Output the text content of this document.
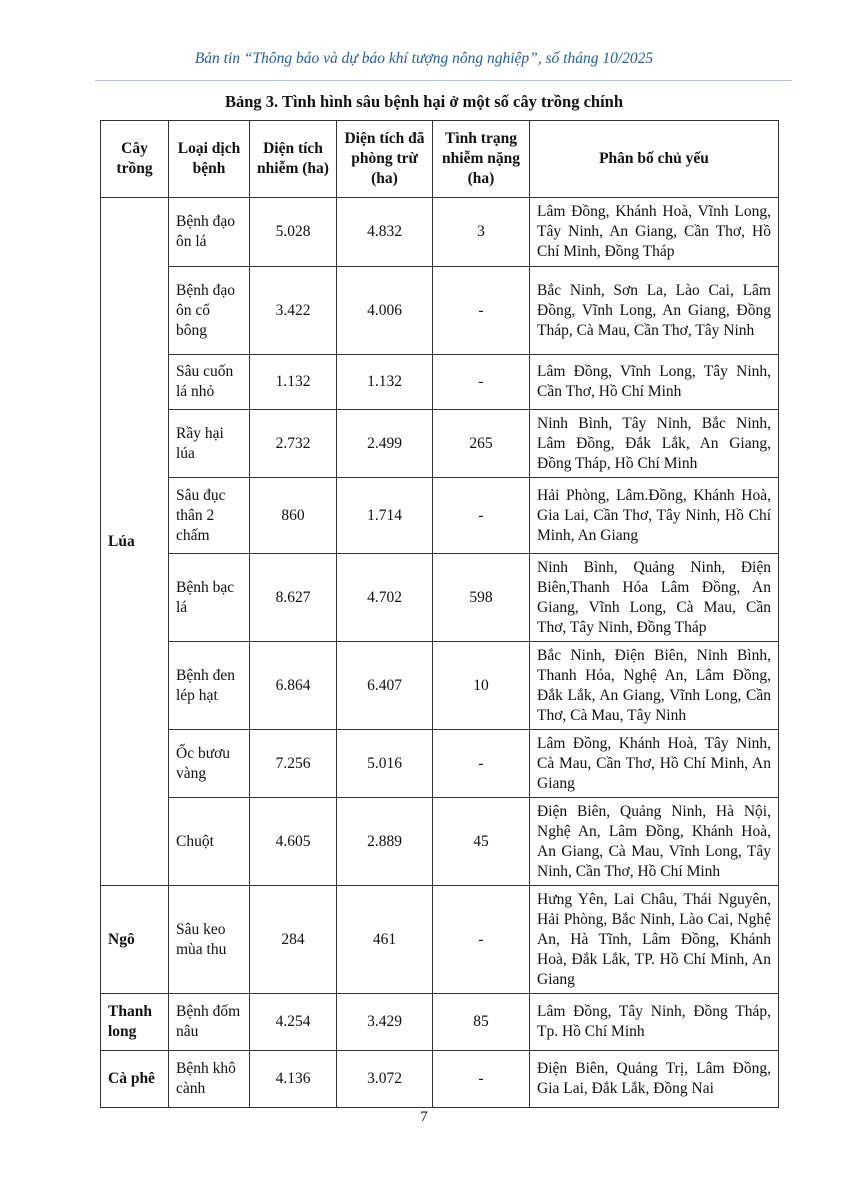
Bản tin “Thông báo và dự báo khí tượng nông nghiệp”, số tháng 10/2025
Bảng 3. Tình hình sâu bệnh hại ở một số cây trồng chính
Cây trồng	Loại dịch bệnh	Diện tích nhiễm (ha)	Diện tích đã phòng trừ (ha)	Tình trạng nhiễm nặng (ha)	Phân bố chủ yếu
Lúa	Bệnh đạo ôn lá	5.028	4.832	3	Lâm Đồng, Khánh Hoà, Vĩnh Long, Tây Ninh, An Giang, Cần Thơ, Hồ Chí Minh, Đồng Tháp
	Bệnh đạo ôn cổ bông	3.422	4.006	-	Bắc Ninh, Sơn La, Lào Cai, Lâm Đồng, Vĩnh Long, An Giang, Đồng Tháp, Cà Mau, Cần Thơ, Tây Ninh
	Sâu cuốn lá nhỏ	1.132	1.132	-	Lâm Đồng, Vĩnh Long, Tây Ninh, Cần Thơ, Hồ Chí Minh
	Rầy hại lúa	2.732	2.499	265	Ninh Bình, Tây Ninh, Bắc Ninh, Lâm Đồng, Đắk Lắk, An Giang, Đồng Tháp, Hồ Chí Minh
	Sâu đục thân 2 chấm	860	1.714	-	Hải Phòng, Lâm.Đồng, Khánh Hoà, Gia Lai, Cần Thơ, Tây Ninh, Hồ Chí Minh, An Giang
	Bệnh bạc lá	8.627	4.702	598	Ninh Bình, Quảng Ninh, Điện Biên,Thanh Hóa Lâm Đồng, An Giang, Vĩnh Long, Cà Mau, Cần Thơ, Tây Ninh, Đồng Tháp
	Bệnh đen lép hạt	6.864	6.407	10	Bắc Ninh, Điện Biên, Ninh Bình, Thanh Hóa, Nghệ An, Lâm Đồng, Đắk Lắk, An Giang, Vĩnh Long, Cần Thơ, Cà Mau, Tây Ninh
	Ốc bươu vàng	7.256	5.016	-	Lâm Đồng, Khánh Hoà, Tây Ninh, Cà Mau, Cần Thơ, Hồ Chí Minh, An Giang
	Chuột	4.605	2.889	45	Điện Biên, Quảng Ninh, Hà Nội, Nghệ An, Lâm Đồng, Khánh Hoà, An Giang, Cà Mau, Vĩnh Long, Tây Ninh, Cần Thơ, Hồ Chí Minh
Ngô	Sâu keo mùa thu	284	461	-	Hưng Yên, Lai Châu, Thái Nguyên, Hải Phòng, Bắc Ninh, Lào Cai, Nghệ An, Hà Tĩnh, Lâm Đồng, Khánh Hoà, Đắk Lắk, TP. Hồ Chí Minh, An Giang
Thanh long	Bệnh đốm nâu	4.254	3.429	85	Lâm Đồng, Tây Ninh, Đồng Tháp, Tp. Hồ Chí Minh
Cà phê	Bệnh khô cành	4.136	3.072	-	Điện Biên, Quảng Trị, Lâm Đồng, Gia Lai, Đắk Lắk, Đồng Nai
7
